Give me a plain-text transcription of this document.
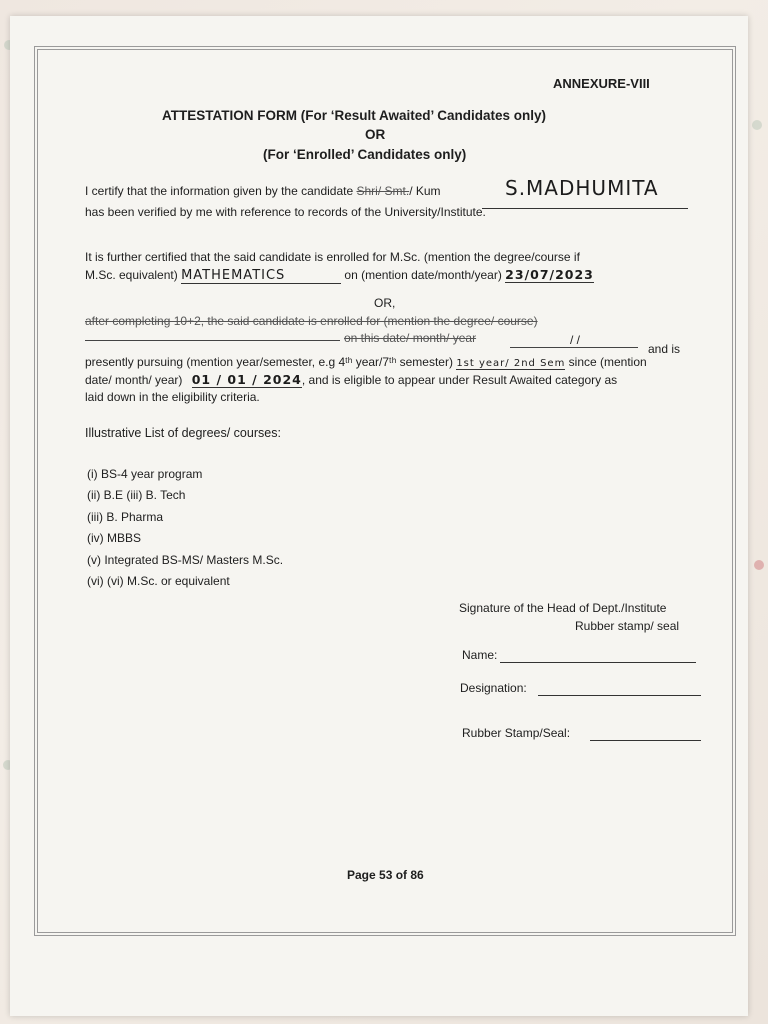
ANNEXURE-VIII
ATTESTATION FORM (For ‘Result Awaited’ Candidates only)
OR
(For ‘Enrolled’ Candidates only)
I certify that the information given by the candidate Shri/ Smt./ Kum	S.MADHUMITA
has been verified by me with reference to records of the University/Institute.
It is further certified that the said candidate is enrolled for M.Sc. (mention the degree/course if
M.Sc. equivalent) MATHEMATICS	on (mention date/month/year) 23/07/2023
OR,
after completing 10+2, the said candidate is enrolled for (mention the degree/ course)
on this date/ month/ year	/ /
and is
presently pursuing (mention year/semester, e.g 4ᵗʰ year/7ᵗʰ semester) 1st year/ 2nd Sem since (mention
date/ month/ year) 01 / 01 / 2024, and is eligible to appear under Result Awaited category as
laid down in the eligibility criteria.
Illustrative List of degrees/ courses:
(i) BS-4 year program
(ii) B.E (iii) B. Tech
(iii) B. Pharma
(iv) MBBS
(v) Integrated BS-MS/ Masters M.Sc.
(vi) (vi) M.Sc. or equivalent
Signature of the Head of Dept./Institute
Rubber stamp/ seal
Name:
Designation:
Rubber Stamp/Seal:
Page 53 of 86
